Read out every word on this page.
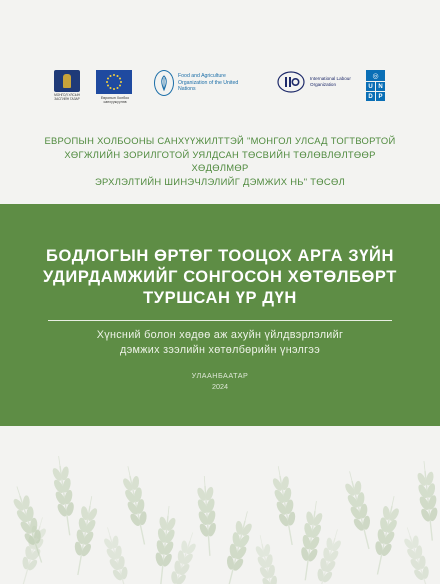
МОНГОЛ УЛСЫН ЗАСГИЙН ГАЗАР	Европын Холбоо санхүүжүүлэв
Food and Agriculture Organization of the United Nations
International Labour Organization
◎
U N
D P
ЕВРОПЫН ХОЛБООНЫ САНХҮҮЖИЛТТЭЙ "МОНГОЛ УЛСАД ТОГТВОРТОЙ
ХӨГЖЛИЙН ЗОРИЛГОТОЙ УЯЛДСАН ТӨСВИЙН ТӨЛӨВЛӨЛТӨӨР ХӨДӨЛМӨР
ЭРХЛЭЛТИЙН ШИНЭЧЛЭЛИЙГ ДЭМЖИХ НЬ" ТӨСӨЛ
БОДЛОГЫН ӨРТӨГ ТООЦОХ АРГА ЗҮЙН
УДИРДАМЖИЙГ СОНГОСОН ХӨТӨЛБӨРТ
ТУРШСАН ҮР ДҮН
Хүнсний болон хөдөө аж ахуйн үйлдвэрлэлийг
дэмжих зээлийн хөтөлбөрийн үнэлгээ
УЛААНБААТАР
2024
